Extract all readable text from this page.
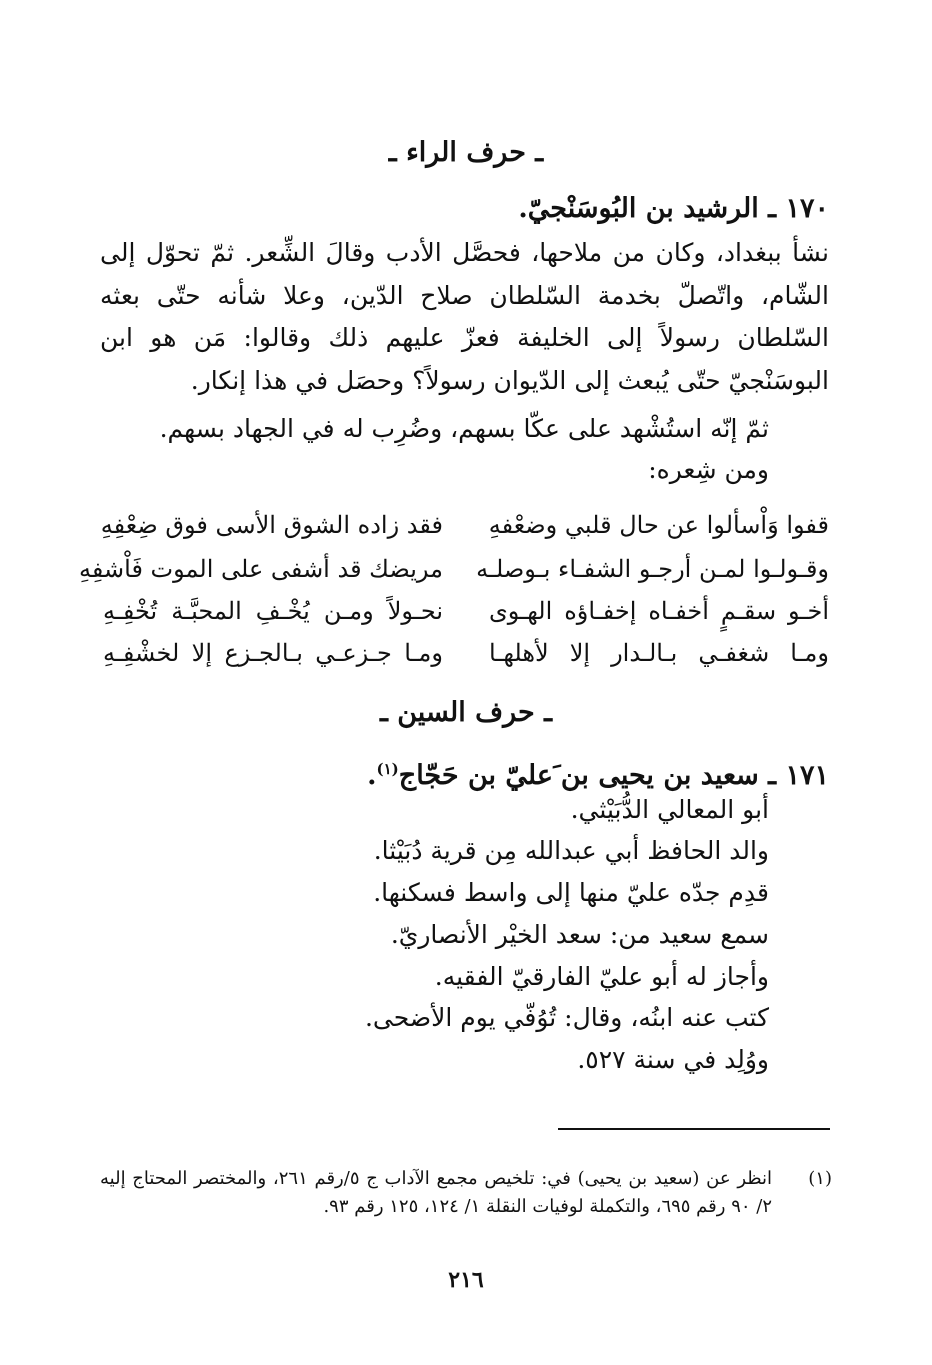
ـ حرف الراء ـ
١٧٠ ـ الرشيد بن البُوسَنْجيّ.
نشأ ببغداد، وكان من ملاحها، فحصَّل الأدب وقالَ الشِّعر. ثمّ تحوّل إلى الشّام، واتّصلّ بخدمة السّلطان صلاح الدّين، وعلا شأنه حتّى بعثه السّلطان رسولاً إلى الخليفة فعزّ عليهم ذلك وقالوا: مَن هو ابن البوسَنْجيّ حتّى يُبعث إلى الدّيوان رسولاً؟ وحصَل في هذا إنكار.
ثمّ إنّه استُشْهد على عكّا بسهم، وضُرِب له في الجهاد بسهم.
ومن شِعره:
قفوا وَاْسألوا عن حال قلبي وضعْفهِ
فقد زاده الشوق الأسى فوق ضِعْفِهِ
وقـولـوا لمـن أرجـو الشفـاء بـوصلـه
مريضك قد أشفى على الموت فَاْشفِهِ
أخـو سقـمٍ أخفـاه إخفـاؤه الهـوى
نحـولاً ومـن يُخْـفِ المحبَّـة تُخْفِـهِ
ومـا شغفـي بـالـدار إلا لأهلهـا
ومـا جـزعـي بـالجـزع إلا لخشْفِـهِ
ـ حرف السين ـ
١٧١ ـ سعيد بن يحيى بن َعليّ بن حَجّاج$^{(١)}$.
أبو المعالي الدُّبَيْثي.
والد الحافظ أبي عبدالله مِن قرية دُبَيْثا.
قدِم جدّه عليّ منها إلى واسط فسكنها.
سمع سعيد من: سعد الخيْر الأنصاريّ.
وأجاز له أبو عليّ الفارقيّ الفقيه.
كتب عنه ابنُه، وقال: تُوُفّي يوم الأضحى.
ووُلِد في سنة ٥٢٧.
(١)
انظر عن (سعيد بن يحيى) في: تلخيص مجمع الآداب ج ٥/رقم ٢٦١، والمختصر المحتاج إليه ٢/ ٩٠ رقم ٦٩٥، والتكملة لوفيات النقلة ١/ ١٢٤، ١٢٥ رقم ٩٣.
٢١٦
